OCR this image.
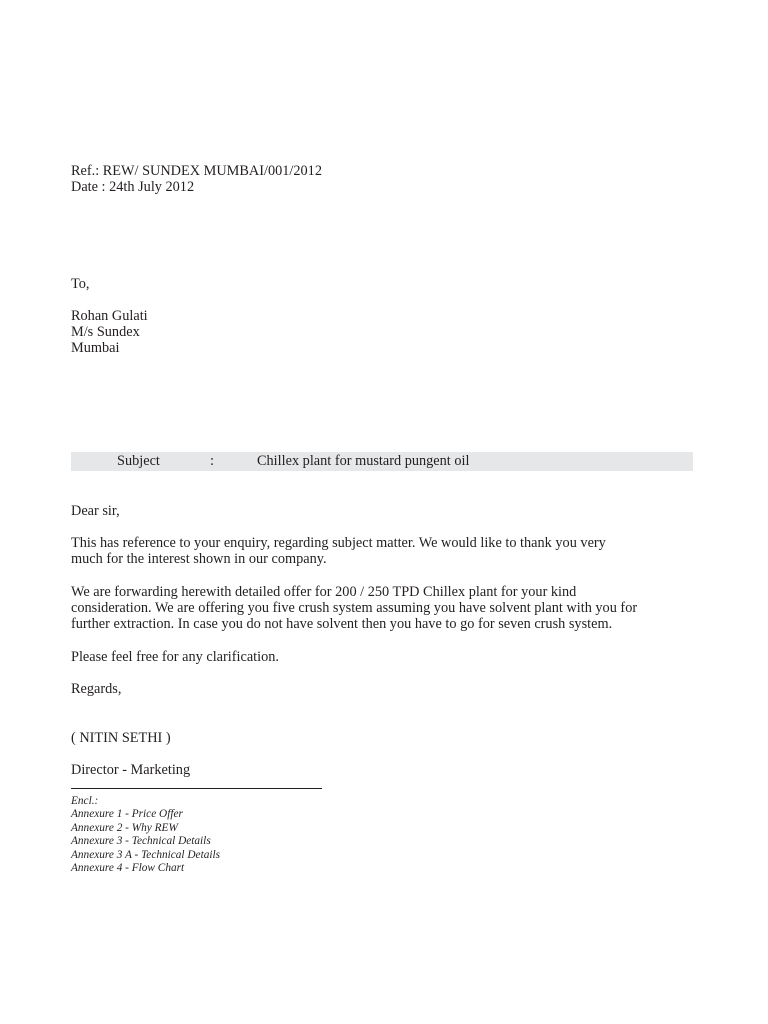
Ref.: REW/ SUNDEX MUMBAI/001/2012
Date : 24th July 2012
To,
Rohan Gulati
M/s Sundex
Mumbai
Subject	:	Chillex plant for mustard pungent oil
Dear sir,

This has reference to your enquiry, regarding subject matter. We would like to thank you very

much for the interest shown in our company.

We are forwarding herewith detailed offer for 200 / 250 TPD Chillex plant for your kind

consideration. We are offering you five crush system assuming you have solvent plant with you for

further extraction. In case you do not have solvent then you have to go for seven crush system.

Please feel free for any clarification.

Regards,
( NITIN SETHI )
Director - Marketing
Encl.:
Annexure 1 - Price Offer
Annexure 2 - Why REW
Annexure 3 - Technical Details
Annexure 3 A - Technical Details
Annexure 4 - Flow Chart
